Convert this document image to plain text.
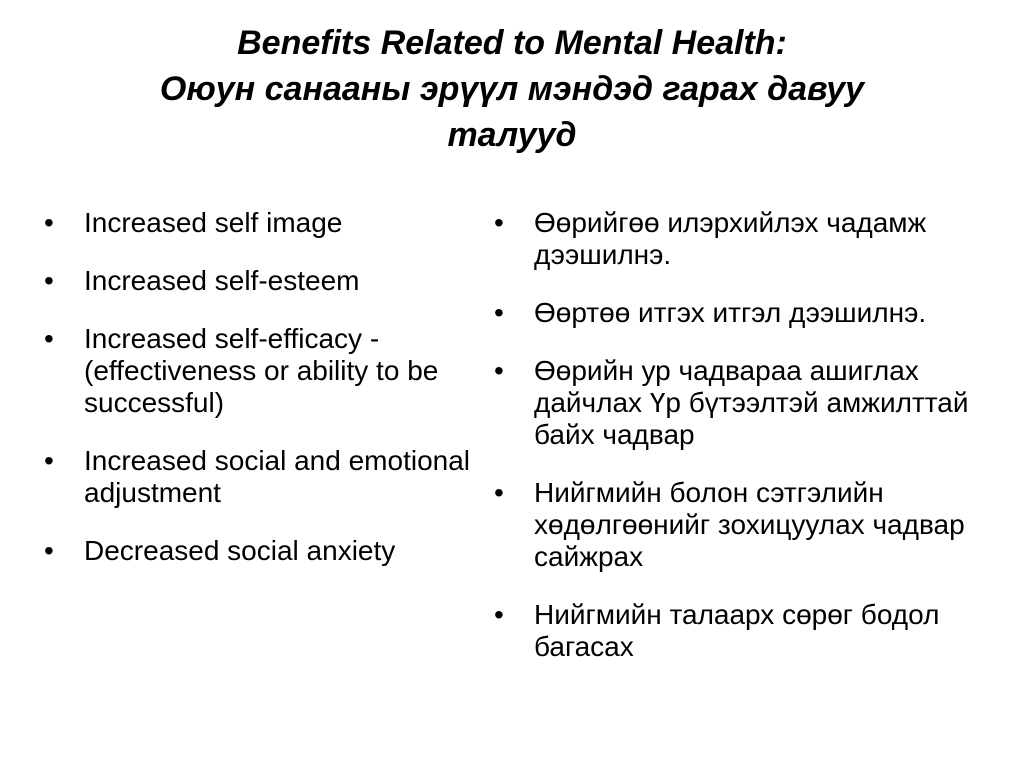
Benefits Related to Mental Health:
Оюун санааны эрүүл мэндэд гарах давуу
талууд
•	Increased self image
•	Increased self-esteem
•	Increased self-efficacy - (effectiveness or ability to be successful)
•	Increased social and emotional adjustment
•	Decreased social anxiety
•	Өөрийгөө илэрхийлэх чадамж дээшилнэ.
•	Өөртөө итгэх итгэл дээшилнэ.
•	Өөрийн ур чадвараа ашиглах дайчлах Үр бүтээлтэй амжилттай байх чадвар
•	Нийгмийн болон сэтгэлийн хөдөлгөөнийг зохицуулах чадвар сайжрах
•	Нийгмийн талаарх сөрөг бодол багасах
